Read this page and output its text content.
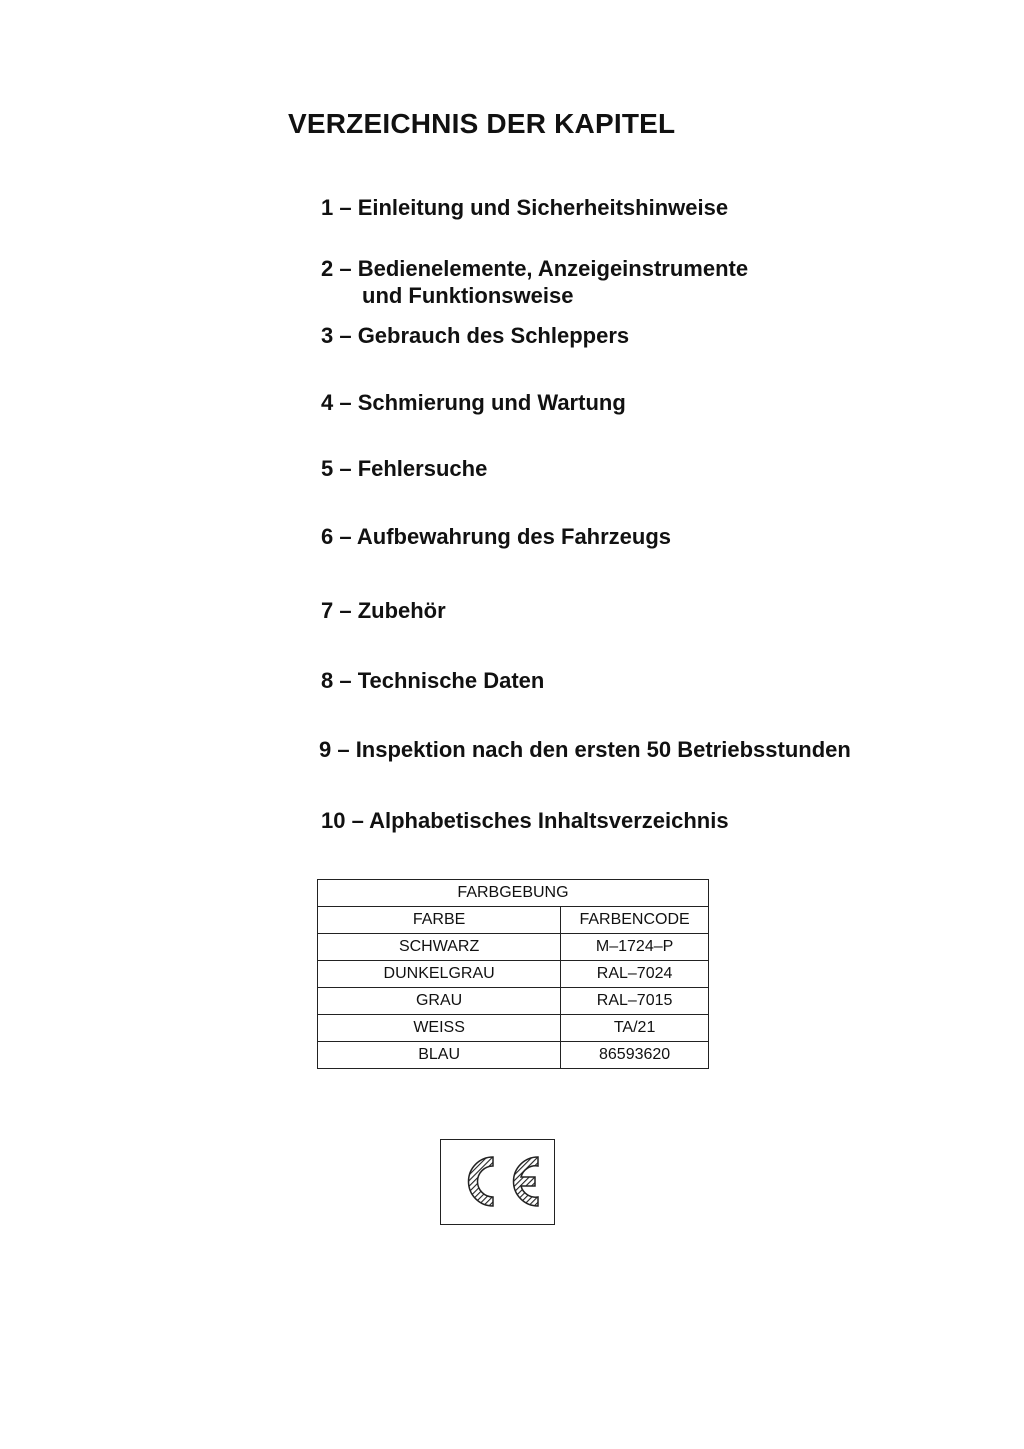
VERZEICHNIS DER KAPITEL
1 – Einleitung und Sicherheitshinweise
2 – Bedienelemente, Anzeigeinstrumente
und Funktionsweise
3 – Gebrauch des Schleppers
4 – Schmierung und Wartung
5 – Fehlersuche
6 – Aufbewahrung des Fahrzeugs
7 – Zubehör
8 – Technische Daten
9 – Inspektion nach den ersten 50 Betriebsstunden
10 – Alphabetisches Inhaltsverzeichnis
FARBGEBUNG	
FARBE	FARBENCODE
SCHWARZ	M–1724–P
DUNKELGRAU	RAL–7024
GRAU	RAL–7015
WEISS	TA/21
BLAU	86593620
